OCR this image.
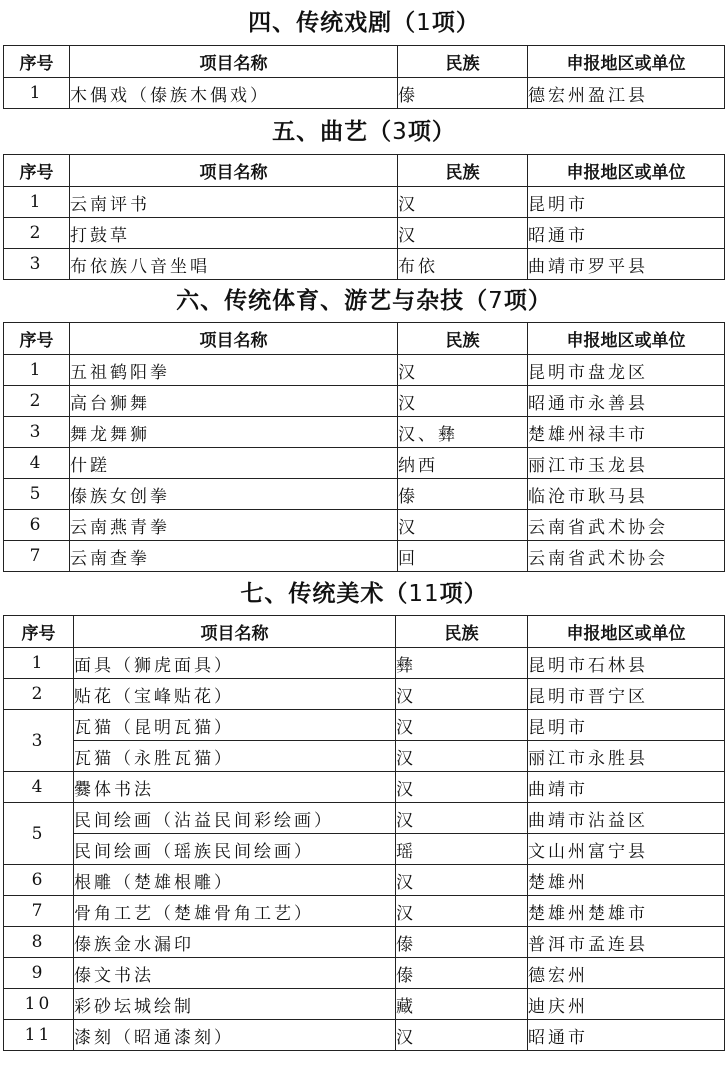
四、传统戏剧（1项）
序号	项目名称	民族	申报地区或单位
1	木偶戏（傣族木偶戏）	傣	德宏州盈江县
五、曲艺（3项）
序号	项目名称	民族	申报地区或单位
1	云南评书	汉	昆明市
2	打鼓草	汉	昭通市
3	布依族八音坐唱	布依	曲靖市罗平县
六、传统体育、游艺与杂技（7项）
序号	项目名称	民族	申报地区或单位
1	五祖鹤阳拳	汉	昆明市盘龙区
2	高台狮舞	汉	昭通市永善县
3	舞龙舞狮	汉、彝	楚雄州禄丰市
4	什蹉	纳西	丽江市玉龙县
5	傣族女创拳	傣	临沧市耿马县
6	云南燕青拳	汉	云南省武术协会
7	云南查拳	回	云南省武术协会
七、传统美术（11项）
序号	项目名称	民族	申报地区或单位
1	面具（狮虎面具）	彝	昆明市石林县
2	贴花（宝峰贴花）	汉	昆明市晋宁区
3	瓦猫（昆明瓦猫）	汉	昆明市
	瓦猫（永胜瓦猫）	汉	丽江市永胜县
4	爨体书法	汉	曲靖市
5	民间绘画（沾益民间彩绘画）	汉	曲靖市沾益区
	民间绘画（瑶族民间绘画）	瑶	文山州富宁县
6	根雕（楚雄根雕）	汉	楚雄州
7	骨角工艺（楚雄骨角工艺）	汉	楚雄州楚雄市
8	傣族金水漏印	傣	普洱市孟连县
9	傣文书法	傣	德宏州
10	彩砂坛城绘制	藏	迪庆州
11	漆刻（昭通漆刻）	汉	昭通市
